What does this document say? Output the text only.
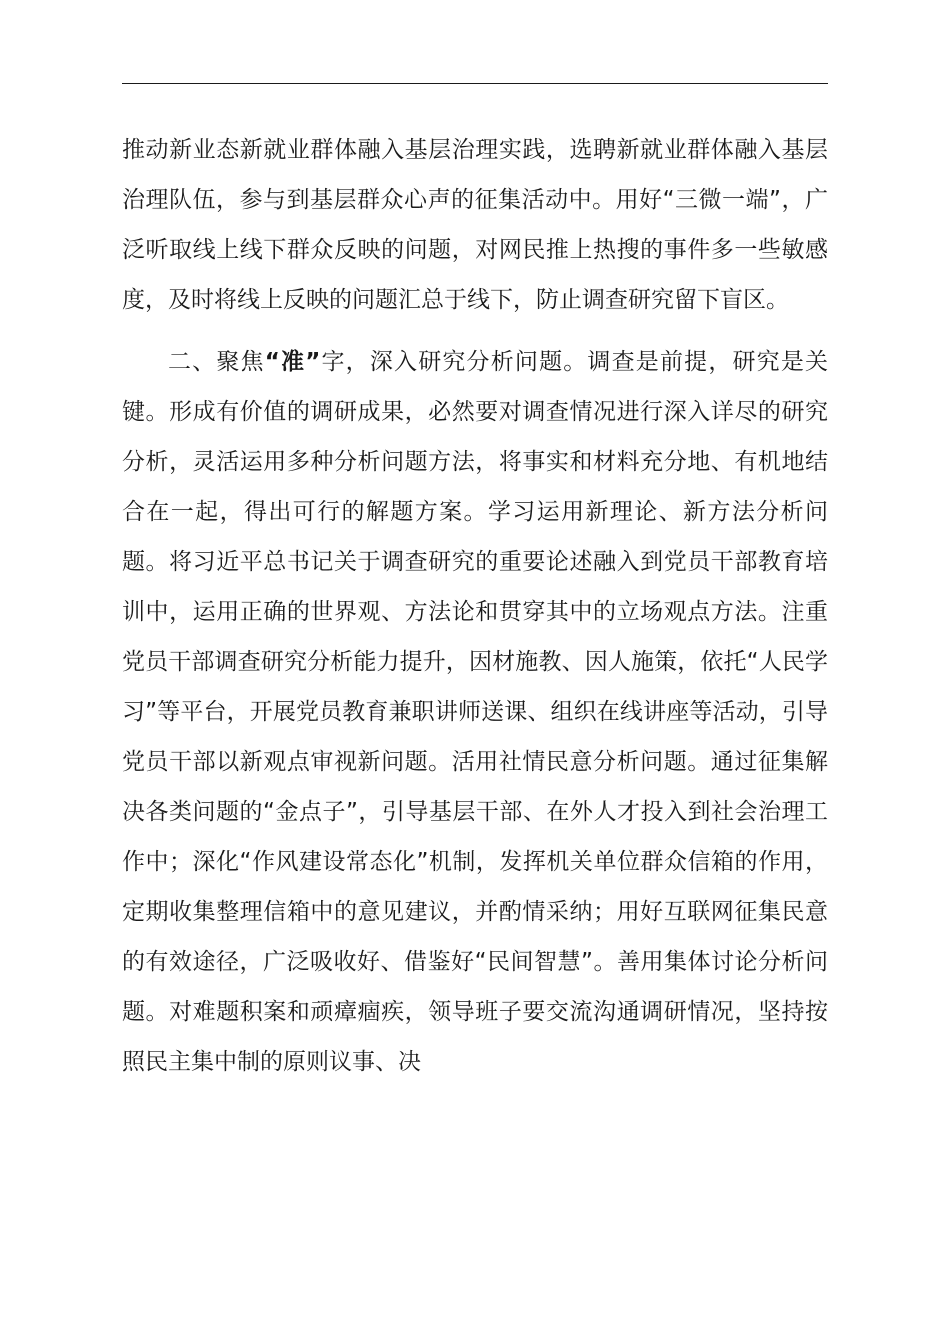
推动新业态新就业群体融入基层治理实践，选聘新就业群体融入基层治理队伍，参与到基层群众心声的征集活动中。用好“三微一端”，广泛听取线上线下群众反映的问题，对网民推上热搜的事件多一些敏感度，及时将线上反映的问题汇总于线下，防止调查研究留下盲区。

二、聚焦“准”字，深入研究分析问题。调查是前提，研究是关键。形成有价值的调研成果，必然要对调查情况进行深入详尽的研究分析，灵活运用多种分析问题方法，将事实和材料充分地、有机地结合在一起，得出可行的解题方案。学习运用新理论、新方法分析问题。将习近平总书记关于调查研究的重要论述融入到党员干部教育培训中，运用正确的世界观、方法论和贯穿其中的立场观点方法。注重党员干部调查研究分析能力提升，因材施教、因人施策，依托“人民学习”等平台，开展党员教育兼职讲师送课、组织在线讲座等活动，引导党员干部以新观点审视新问题。活用社情民意分析问题。通过征集解决各类问题的“金点子”，引导基层干部、在外人才投入到社会治理工作中；深化“作风建设常态化”机制，发挥机关单位群众信箱的作用，定期收集整理信箱中的意见建议，并酌情采纳；用好互联网征集民意的有效途径，广泛吸收好、借鉴好“民间智慧”。善用集体讨论分析问题。对难题积案和顽瘴痼疾，领导班子要交流沟通调研情况，坚持按照民主集中制的原则议事、决
